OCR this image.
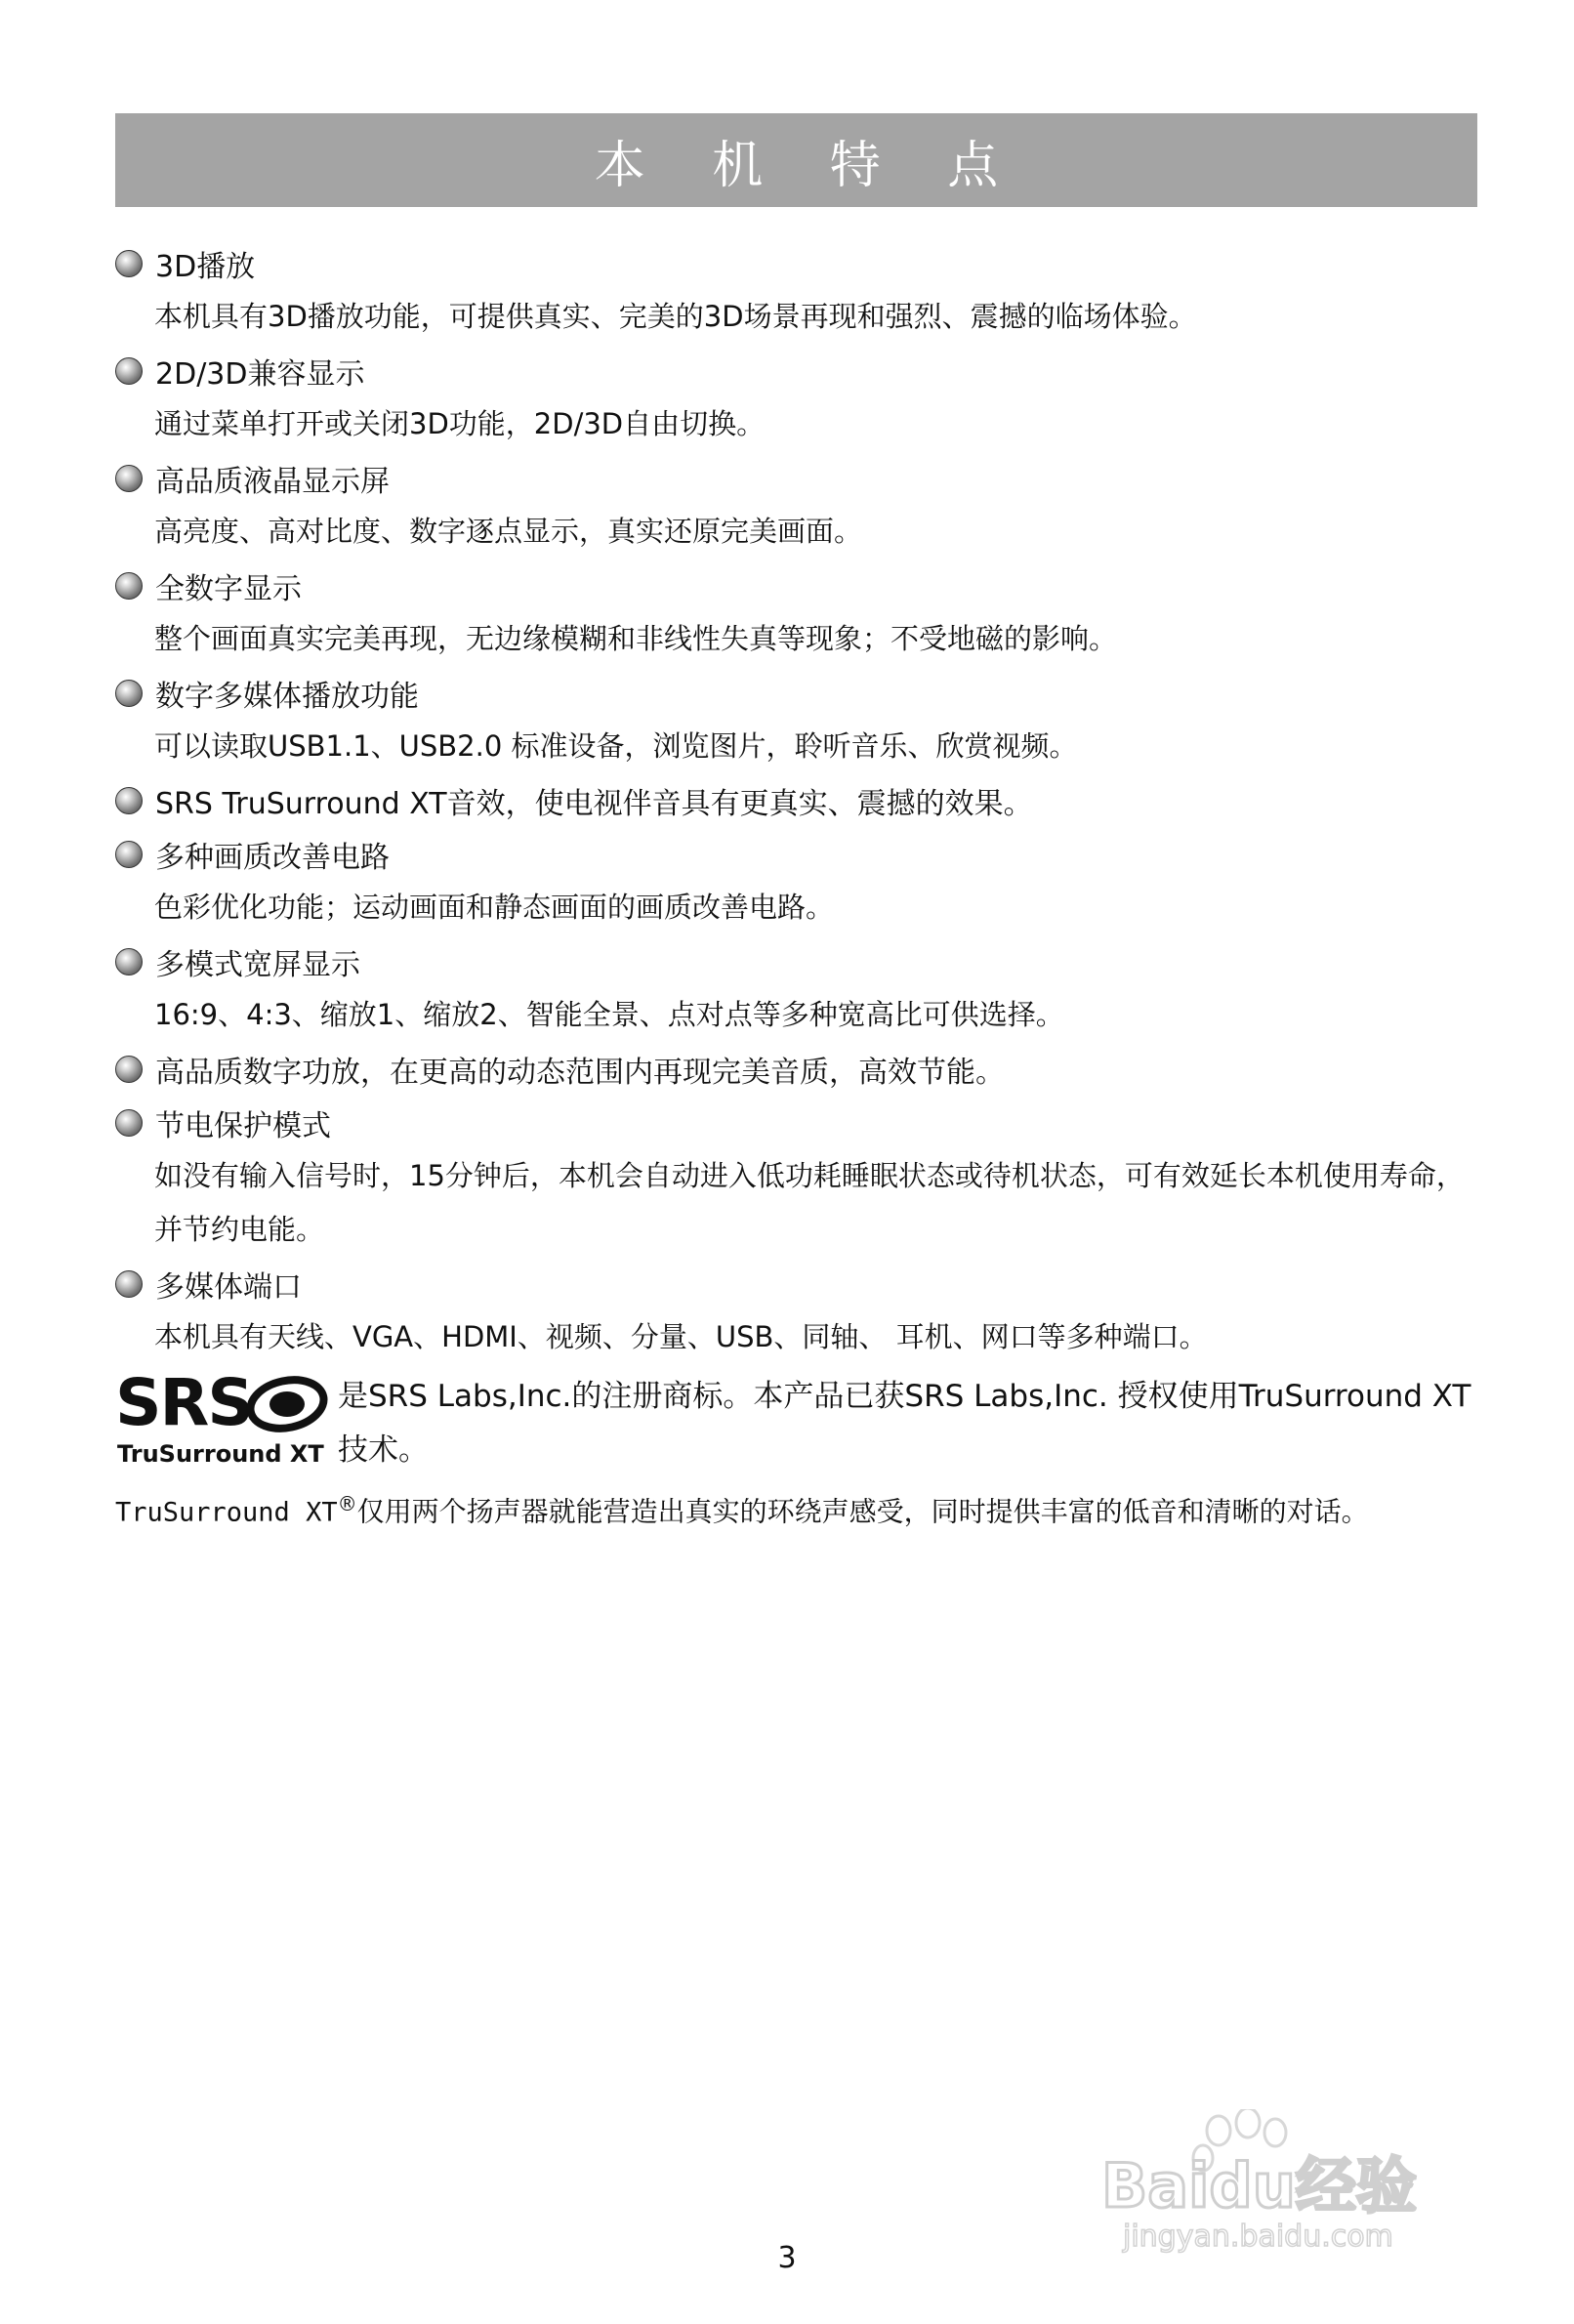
本 机 特 点
3D播放

本机具有3D播放功能，可提供真实、完美的3D场景再现和强烈、震撼的临场体验。

2D/3D兼容显示

通过菜单打开或关闭3D功能，2D/3D自由切换。

高品质液晶显示屏

高亮度、高对比度、数字逐点显示，真实还原完美画面。

全数字显示

整个画面真实完美再现，无边缘模糊和非线性失真等现象；不受地磁的影响。

数字多媒体播放功能

可以读取USB1.1、USB2.0 标准设备，浏览图片，聆听音乐、欣赏视频。

SRS TruSurround XT音效，使电视伴音具有更真实、震撼的效果。
多种画质改善电路

色彩优化功能；运动画面和静态画面的画质改善电路。

多模式宽屏显示

16:9、4:3、缩放1、缩放2、智能全景、点对点等多种宽高比可供选择。

高品质数字功放，在更高的动态范围内再现完美音质，高效节能。
节电保护模式

如没有输入信号时，15分钟后，本机会自动进入低功耗睡眠状态或待机状态，可有效延长本机使用寿命，并节约电能。

多媒体端口

本机具有天线、VGA、HDMI、视频、分量、USB、同轴、 耳机、网口等多种端口。

SRS
TruSurround XT
是SRS Labs,Inc.的注册商标。本产品已获SRS Labs,Inc. 授权使用TruSurround XT技术。
TruSurround XT®仅用两个扬声器就能营造出真实的环绕声感受，同时提供丰富的低音和清晰的对话。
Baidu经验
jingyan.baidu.com
3
